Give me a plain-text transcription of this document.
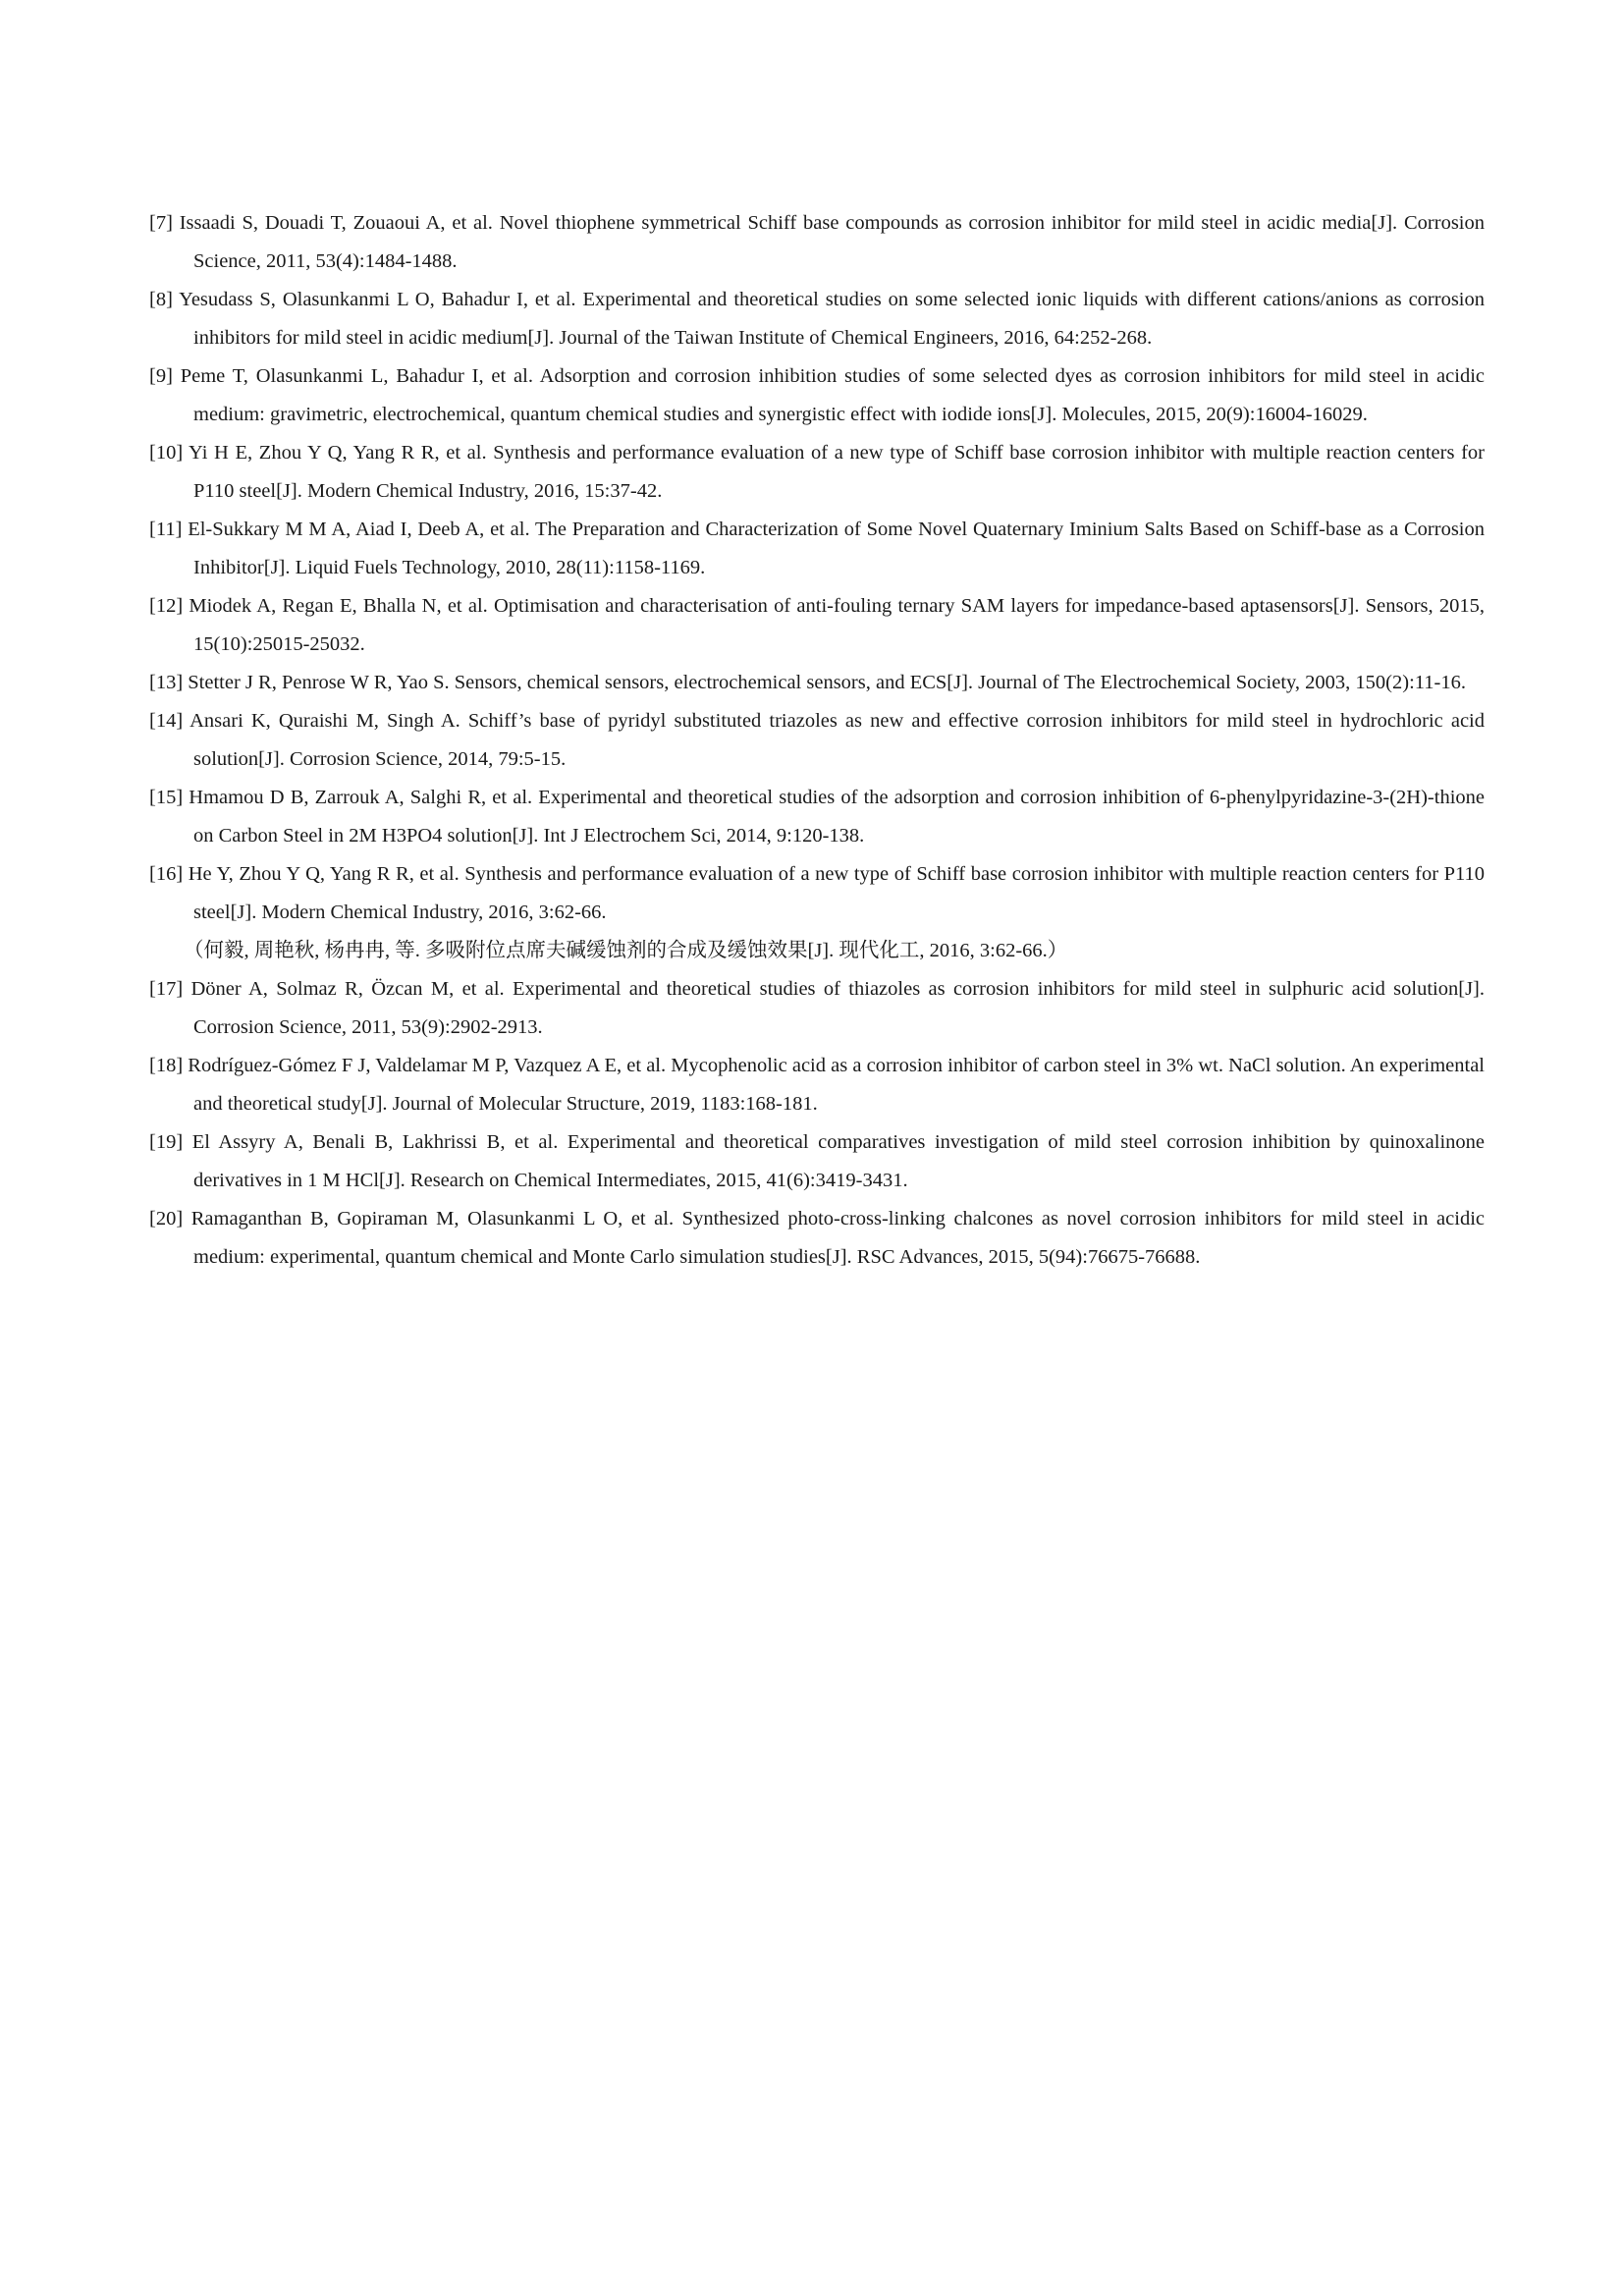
[7] Issaadi S, Douadi T, Zouaoui A, et al. Novel thiophene symmetrical Schiff base compounds as corrosion inhibitor for mild steel in acidic media[J]. Corrosion Science, 2011, 53(4):1484-1488.

[8] Yesudass S, Olasunkanmi L O, Bahadur I, et al. Experimental and theoretical studies on some selected ionic liquids with different cations/anions as corrosion inhibitors for mild steel in acidic medium[J]. Journal of the Taiwan Institute of Chemical Engineers, 2016, 64:252-268.

[9] Peme T, Olasunkanmi L, Bahadur I, et al. Adsorption and corrosion inhibition studies of some selected dyes as corrosion inhibitors for mild steel in acidic medium: gravimetric, electrochemical, quantum chemical studies and synergistic effect with iodide ions[J]. Molecules, 2015, 20(9):16004-16029.

[10] Yi H E, Zhou Y Q, Yang R R, et al. Synthesis and performance evaluation of a new type of Schiff base corrosion inhibitor with multiple reaction centers for P110 steel[J]. Modern Chemical Industry, 2016, 15:37-42.

[11] El-Sukkary M M A, Aiad I, Deeb A, et al. The Preparation and Characterization of Some Novel Quaternary Iminium Salts Based on Schiff-base as a Corrosion Inhibitor[J]. Liquid Fuels Technology, 2010, 28(11):1158-1169.

[12] Miodek A, Regan E, Bhalla N, et al. Optimisation and characterisation of anti-fouling ternary SAM layers for impedance-based aptasensors[J]. Sensors, 2015, 15(10):25015-25032.

[13] Stetter J R, Penrose W R, Yao S. Sensors, chemical sensors, electrochemical sensors, and ECS[J]. Journal of The Electrochemical Society, 2003, 150(2):11-16.

[14] Ansari K, Quraishi M, Singh A. Schiff’s base of pyridyl substituted triazoles as new and effective corrosion inhibitors for mild steel in hydrochloric acid solution[J]. Corrosion Science, 2014, 79:5-15.

[15] Hmamou D B, Zarrouk A, Salghi R, et al. Experimental and theoretical studies of the adsorption and corrosion inhibition of 6-phenylpyridazine-3-(2H)-thione on Carbon Steel in 2M H3PO4 solution[J]. Int J Electrochem Sci, 2014, 9:120-138.

[16] He Y, Zhou Y Q, Yang R R, et al. Synthesis and performance evaluation of a new type of Schiff base corrosion inhibitor with multiple reaction centers for P110 steel[J]. Modern Chemical Industry, 2016, 3:62-66.

（何毅, 周艳秋, 杨冉冉, 等. 多吸附位点席夫碱缓蚀剂的合成及缓蚀效果[J]. 现代化工, 2016, 3:62-66.）

[17] Döner A, Solmaz R, Özcan M, et al. Experimental and theoretical studies of thiazoles as corrosion inhibitors for mild steel in sulphuric acid solution[J]. Corrosion Science, 2011, 53(9):2902-2913.

[18] Rodríguez-Gómez F J, Valdelamar M P, Vazquez A E, et al. Mycophenolic acid as a corrosion inhibitor of carbon steel in 3% wt. NaCl solution. An experimental and theoretical study[J]. Journal of Molecular Structure, 2019, 1183:168-181.

[19] El Assyry A, Benali B, Lakhrissi B, et al. Experimental and theoretical comparatives investigation of mild steel corrosion inhibition by quinoxalinone derivatives in 1 M HCl[J]. Research on Chemical Intermediates, 2015, 41(6):3419-3431.

[20] Ramaganthan B, Gopiraman M, Olasunkanmi L O, et al. Synthesized photo-cross-linking chalcones as novel corrosion inhibitors for mild steel in acidic medium: experimental, quantum chemical and Monte Carlo simulation studies[J]. RSC Advances, 2015, 5(94):76675-76688.
